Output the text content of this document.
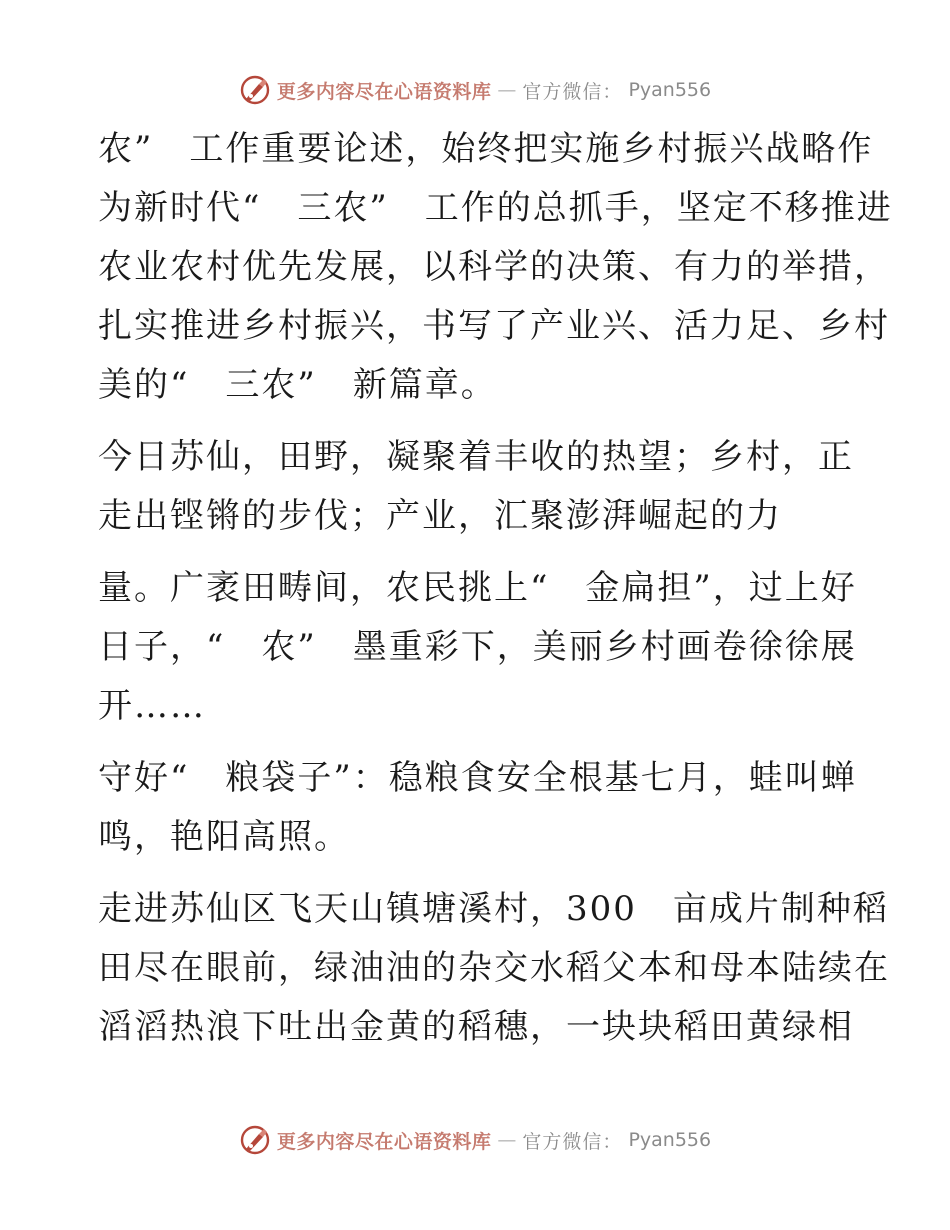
更多内容尽在心语资料库 — 官方微信： Pyan556

农”　工作重要论述，始终把实施乡村振兴战略作
为新时代“　三农”　工作的总抓手，坚定不移推进
农业农村优先发展，以科学的决策、有力的举措，
扎实推进乡村振兴，书写了产业兴、活力足、乡村
美的“　三农”　新篇章。

今日苏仙，田野，凝聚着丰收的热望；乡村，正
走出铿锵的步伐；产业，汇聚澎湃崛起的力

量。广袤田畴间，农民挑上“　金扁担”，过上好
日子，“　农”　墨重彩下，美丽乡村画卷徐徐展
开……

守好“　粮袋子”：稳粮食安全根基七月，蛙叫蝉
鸣，艳阳高照。

走进苏仙区飞天山镇塘溪村，300　亩成片制种稻
田尽在眼前，绿油油的杂交水稻父本和母本陆续在
滔滔热浪下吐出金黄的稻穗，一块块稻田黄绿相

更多内容尽在心语资料库 — 官方微信： Pyan556
